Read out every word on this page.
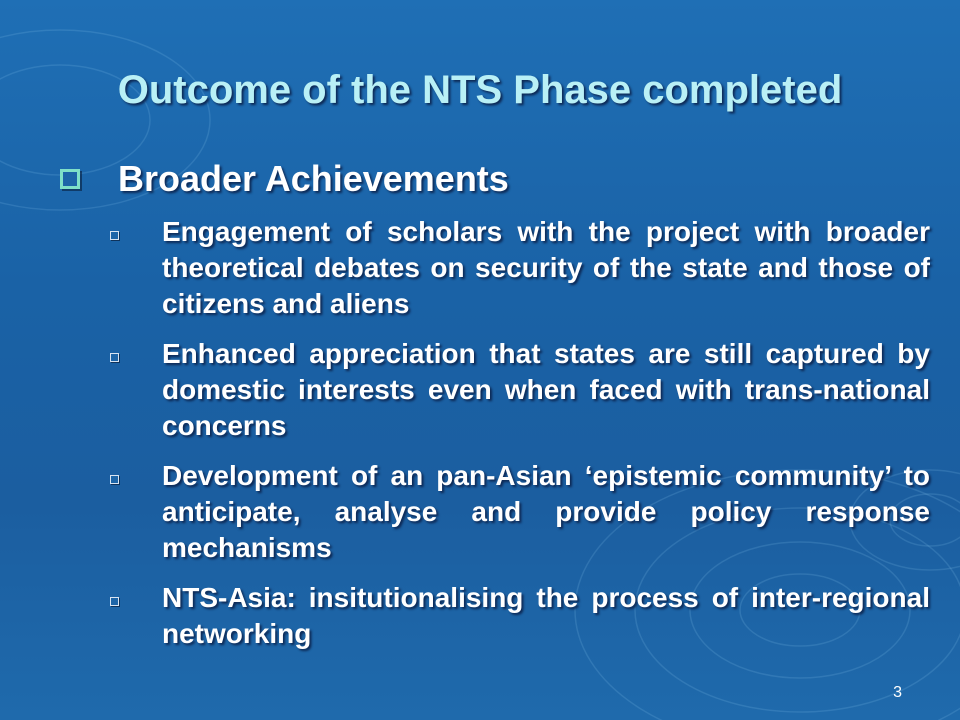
Outcome of the NTS Phase completed
Broader Achievements
Engagement of scholars with the project with broader theoretical debates on security of the state and those of citizens and aliens
Enhanced appreciation that states are still captured by domestic interests even when faced with trans-national concerns
Development of an pan-Asian ‘epistemic community’ to anticipate, analyse and provide policy response mechanisms
NTS-Asia: insitutionalising the process of inter-regional networking
3
